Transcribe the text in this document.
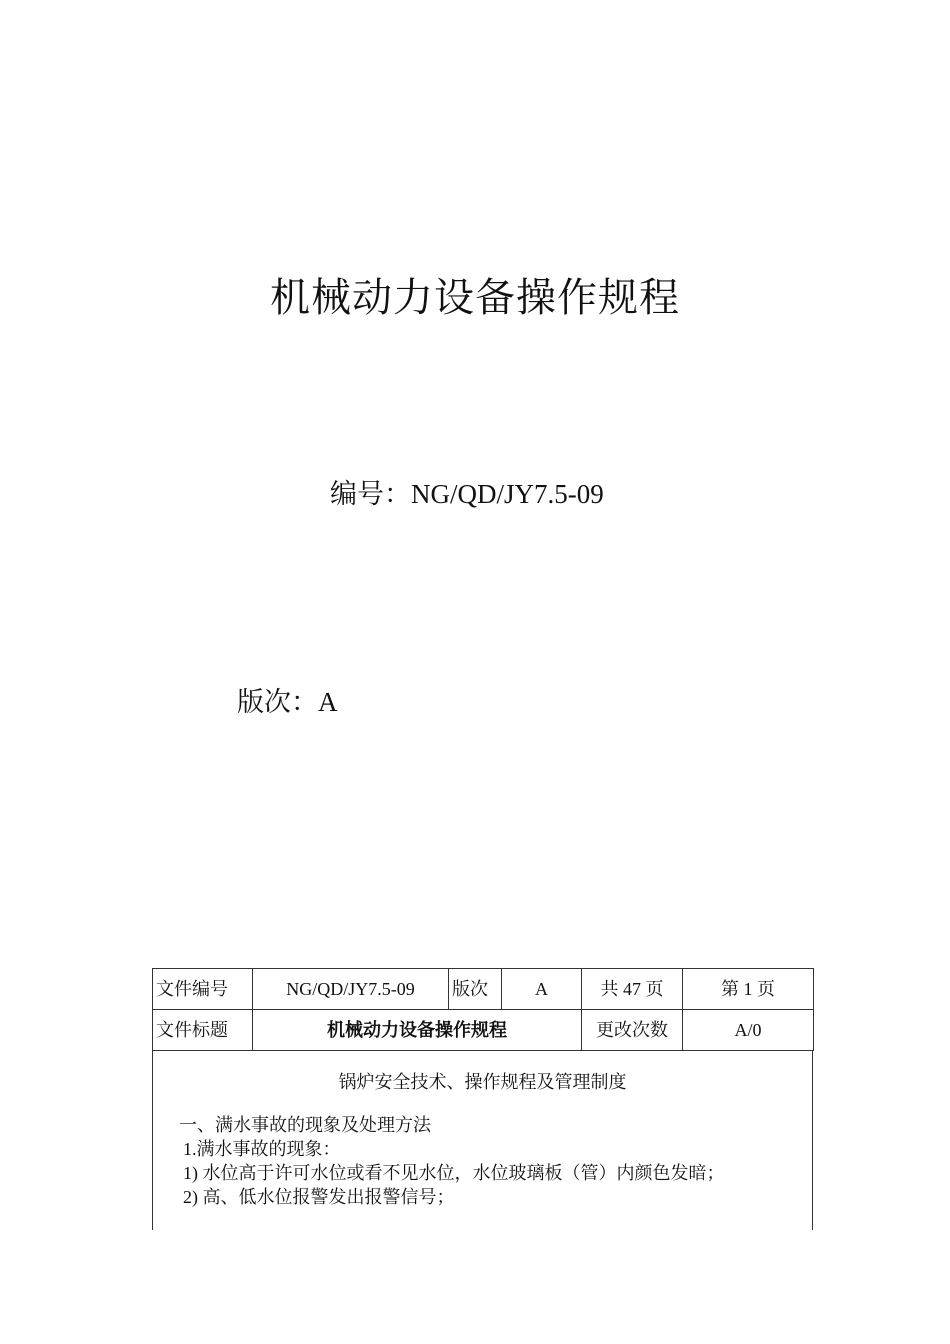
机械动力设备操作规程
编号：NG/QD/JY7.5-09
版次：A
文件编号	NG/QD/JY7.5-09	版次	A	共 47 页	第 1 页
文件标题	机械动力设备操作规程			更改次数	A/0
锅炉安全技术、操作规程及管理制度
一、满水事故的现象及处理方法
1.满水事故的现象：
1) 水位高于许可水位或看不见水位，水位玻璃板（管）内颜色发暗；
2) 高、低水位报警发出报警信号；
